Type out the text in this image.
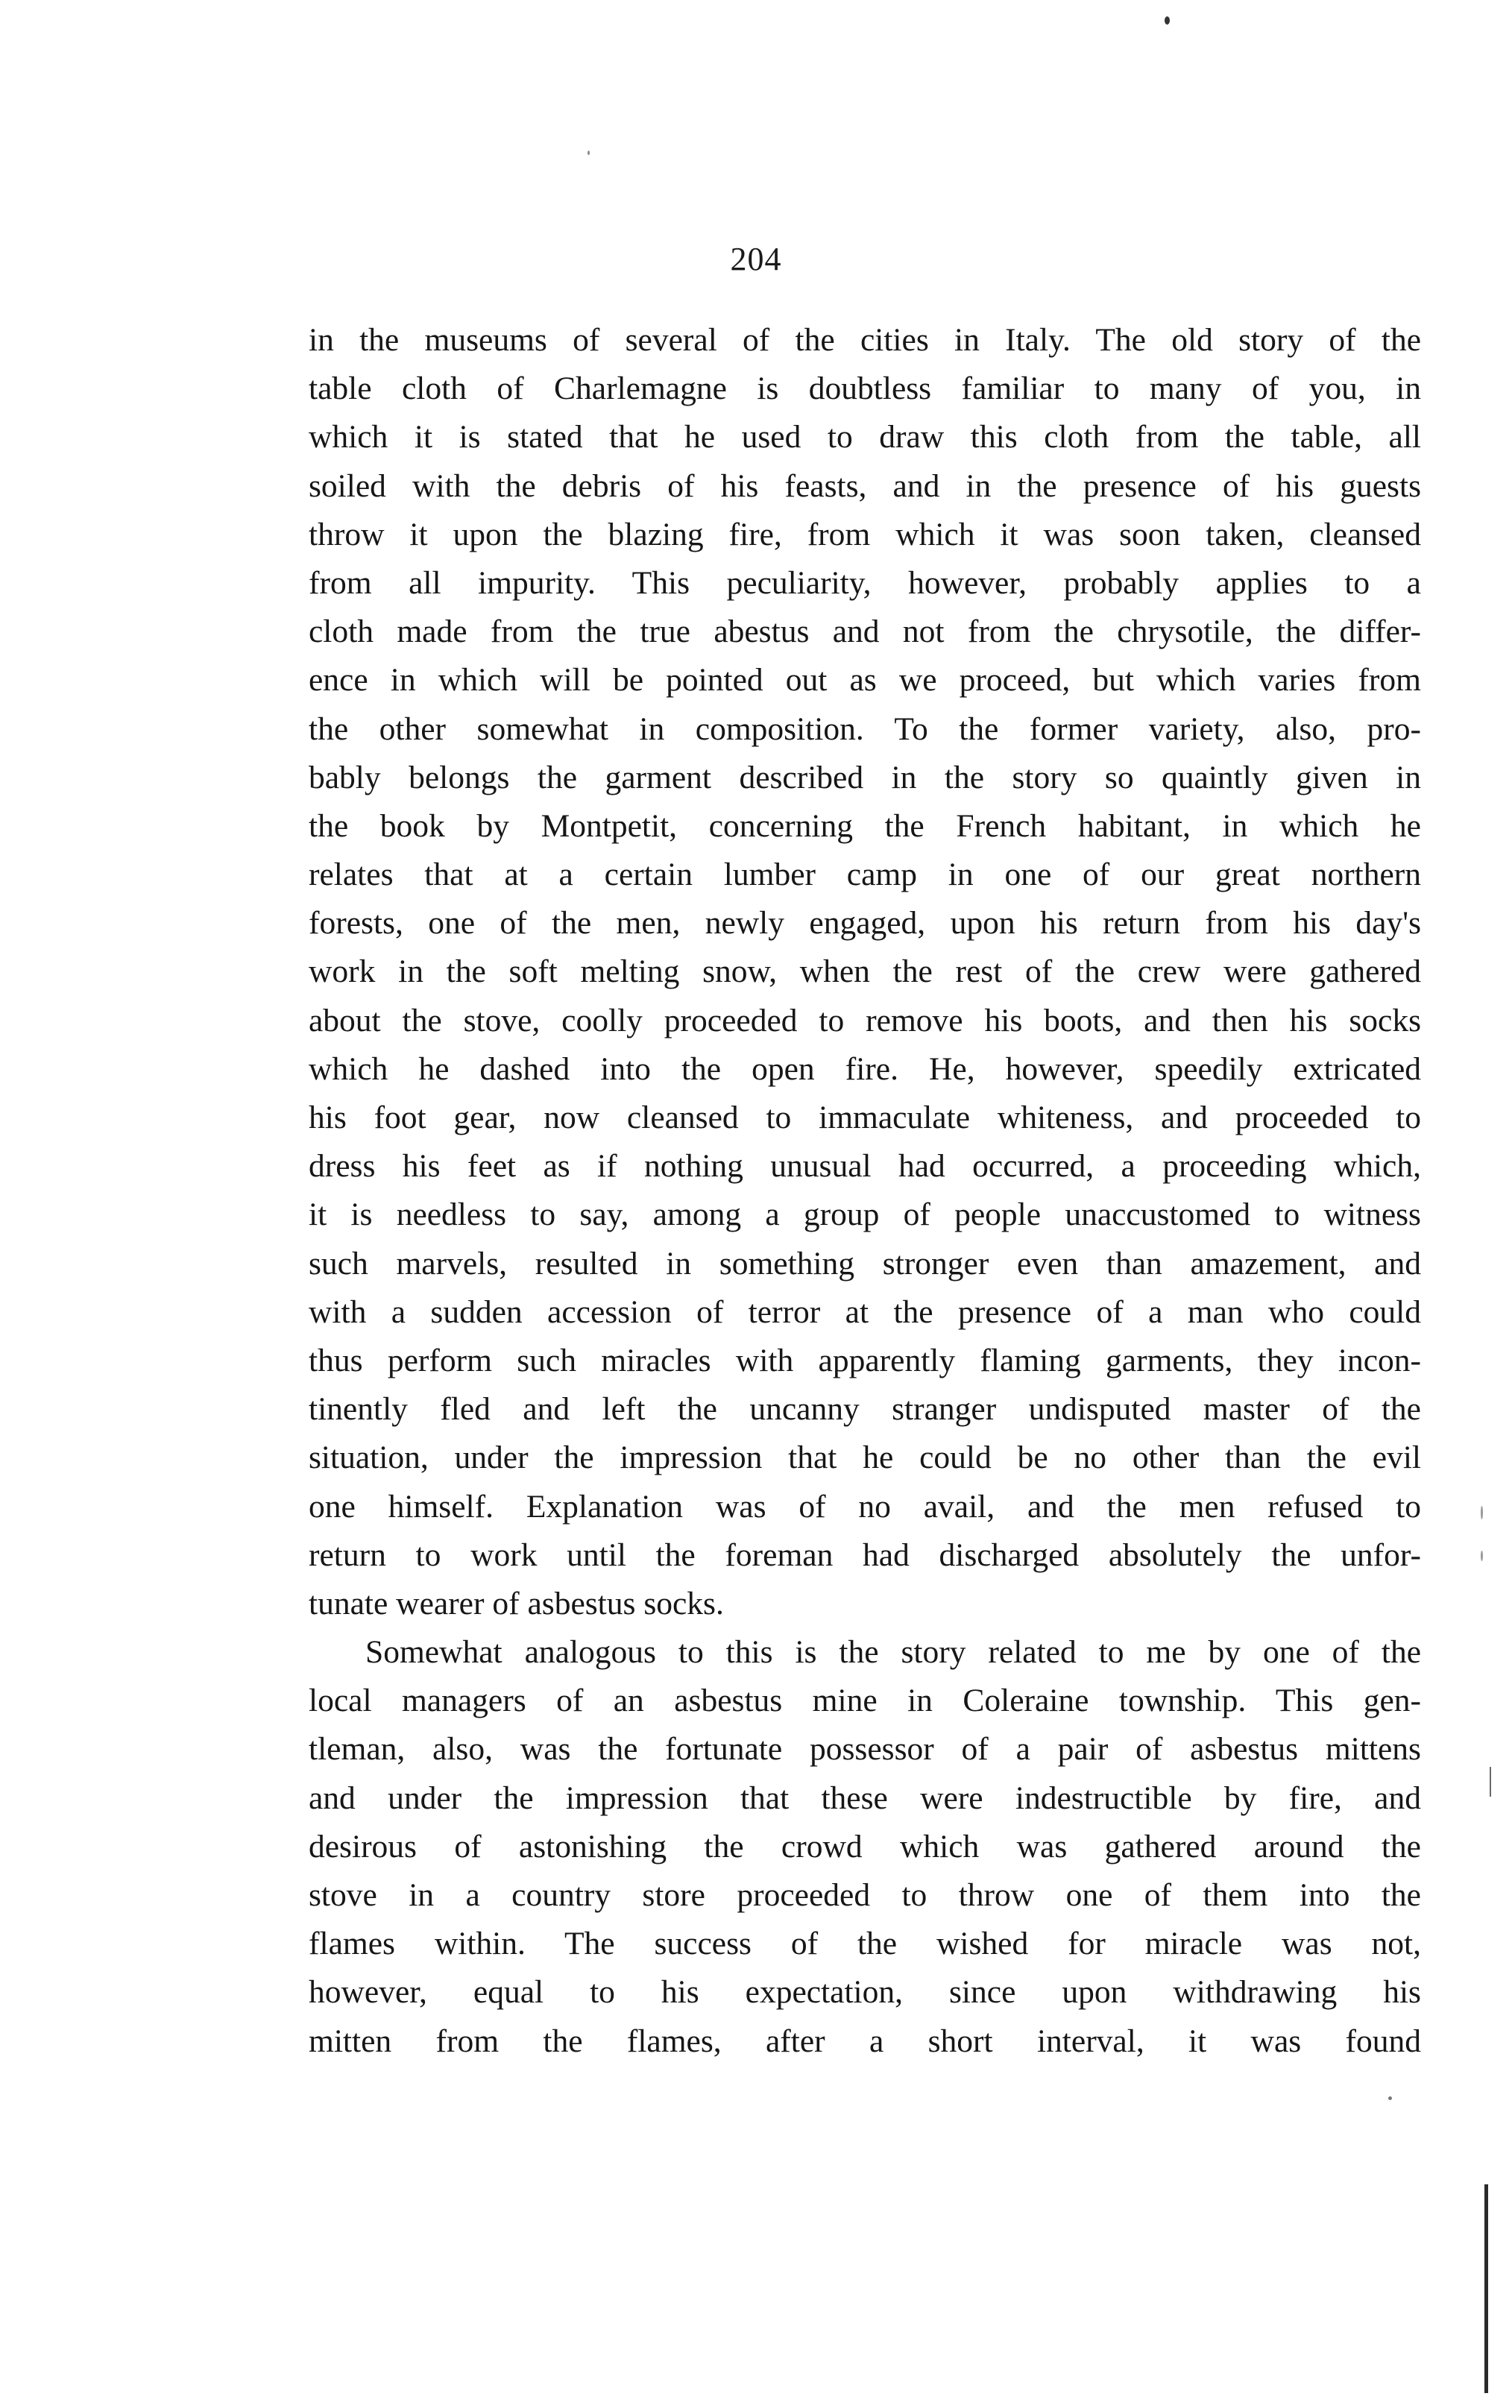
204
in the museums of several of the cities in Italy. The old story of the
table cloth of Charlemagne is doubtless familiar to many of you, in
which it is stated that he used to draw this cloth from the table, all
soiled with the debris of his feasts, and in the presence of his guests
throw it upon the blazing fire, from which it was soon taken, cleansed
from all impurity. This peculiarity, however, probably applies to a
cloth made from the true abestus and not from the chrysotile, the differ-
ence in which will be pointed out as we proceed, but which varies from
the other somewhat in composition. To the former variety, also, pro-
bably belongs the garment described in the story so quaintly given in
the book by Montpetit, concerning the French habitant, in which he
relates that at a certain lumber camp in one of our great northern
forests, one of the men, newly engaged, upon his return from his day's
work in the soft melting snow, when the rest of the crew were gathered
about the stove, coolly proceeded to remove his boots, and then his socks
which he dashed into the open fire. He, however, speedily extricated
his foot gear, now cleansed to immaculate whiteness, and proceeded to
dress his feet as if nothing unusual had occurred, a proceeding which,
it is needless to say, among a group of people unaccustomed to witness
such marvels, resulted in something stronger even than amazement, and
with a sudden accession of terror at the presence of a man who could
thus perform such miracles with apparently flaming garments, they incon-
tinently fled and left the uncanny stranger undisputed master of the
situation, under the impression that he could be no other than the evil
one himself. Explanation was of no avail, and the men refused to
return to work until the foreman had discharged absolutely the unfor-
tunate wearer of asbestus socks.
Somewhat analogous to this is the story related to me by one of the
local managers of an asbestus mine in Coleraine township. This gen-
tleman, also, was the fortunate possessor of a pair of asbestus mittens
and under the impression that these were indestructible by fire, and
desirous of astonishing the crowd which was gathered around the
stove in a country store proceeded to throw one of them into the
flames within. The success of the wished for miracle was not,
however, equal to his expectation, since upon withdrawing his
mitten from the flames, after a short interval, it was found
